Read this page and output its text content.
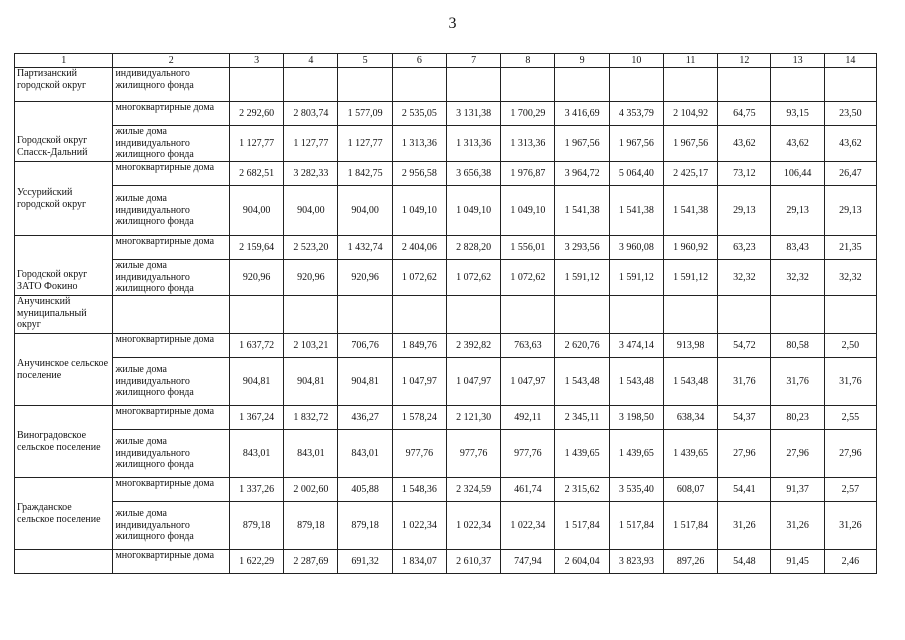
3
1	2	3	4	5	6	7	8	9	10	11	12	13	14
Партизанский городской округ	индивидуального жилищного фонда												
Городской округ Спасск-Дальний	многоквартирные дома	2 292,60	2 803,74	1 577,09	2 535,05	3 131,38	1 700,29	3 416,69	4 353,79	2 104,92	64,75	93,15	23,50
	жилые дома индивидуального жилищного фонда	1 127,77	1 127,77	1 127,77	1 313,36	1 313,36	1 313,36	1 967,56	1 967,56	1 967,56	43,62	43,62	43,62
Уссурийский городской округ	многоквартирные дома	2 682,51	3 282,33	1 842,75	2 956,58	3 656,38	1 976,87	3 964,72	5 064,40	2 425,17	73,12	106,44	26,47
	жилые дома индивидуального жилищного фонда	904,00	904,00	904,00	1 049,10	1 049,10	1 049,10	1 541,38	1 541,38	1 541,38	29,13	29,13	29,13
Городской округ ЗАТО Фокино	многоквартирные дома	2 159,64	2 523,20	1 432,74	2 404,06	2 828,20	1 556,01	3 293,56	3 960,08	1 960,92	63,23	83,43	21,35
	жилые дома индивидуального жилищного фонда	920,96	920,96	920,96	1 072,62	1 072,62	1 072,62	1 591,12	1 591,12	1 591,12	32,32	32,32	32,32
Анучинский муниципальный округ													
Анучинское сельское поселение	многоквартирные дома	1 637,72	2 103,21	706,76	1 849,76	2 392,82	763,63	2 620,76	3 474,14	913,98	54,72	80,58	2,50
	жилые дома индивидуального жилищного фонда	904,81	904,81	904,81	1 047,97	1 047,97	1 047,97	1 543,48	1 543,48	1 543,48	31,76	31,76	31,76
Виноградовское сельское поселение	многоквартирные дома	1 367,24	1 832,72	436,27	1 578,24	2 121,30	492,11	2 345,11	3 198,50	638,34	54,37	80,23	2,55
	жилые дома индивидуального жилищного фонда	843,01	843,01	843,01	977,76	977,76	977,76	1 439,65	1 439,65	1 439,65	27,96	27,96	27,96
Гражданское сельское поселение	многоквартирные дома	1 337,26	2 002,60	405,88	1 548,36	2 324,59	461,74	2 315,62	3 535,40	608,07	54,41	91,37	2,57
	жилые дома индивидуального жилищного фонда	879,18	879,18	879,18	1 022,34	1 022,34	1 022,34	1 517,84	1 517,84	1 517,84	31,26	31,26	31,26
	многоквартирные дома	1 622,29	2 287,69	691,32	1 834,07	2 610,37	747,94	2 604,04	3 823,93	897,26	54,48	91,45	2,46
